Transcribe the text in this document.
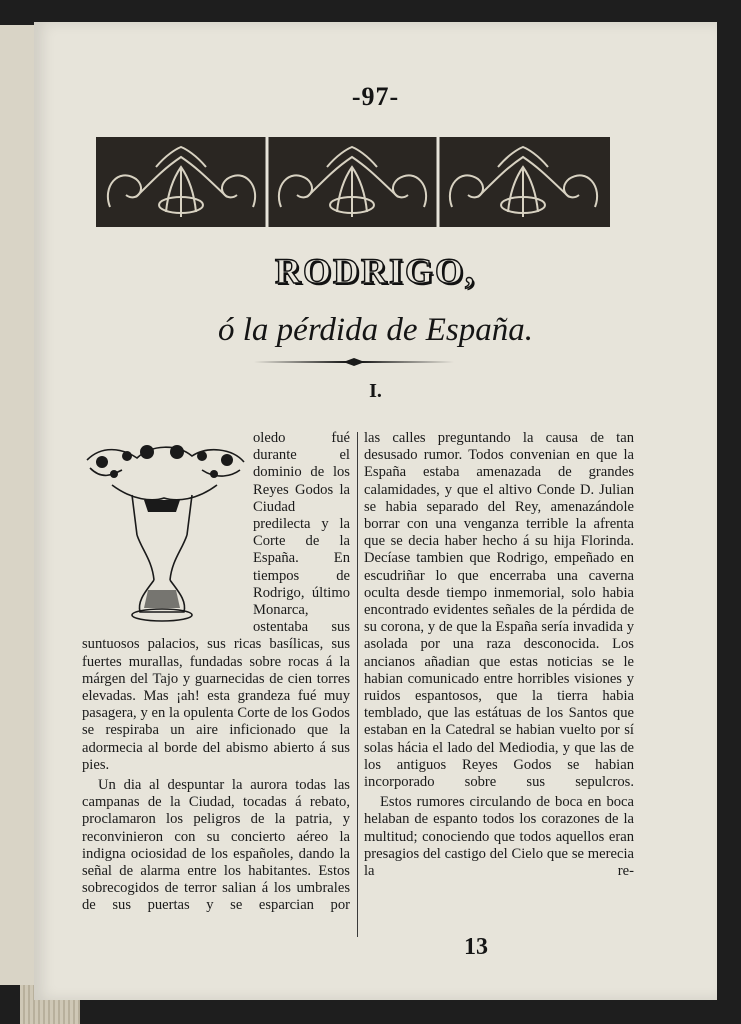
-97-
RODRIGO,
ó la pérdida de España.
I.

oledo fué durante el dominio de los Reyes Godos la Ciudad predilecta y la Corte de la España. En tiempos de Rodrigo, último Monarca, ostentaba sus suntuosos palacios, sus ricas basílicas, sus fuertes murallas, fundadas sobre rocas á la márgen del Tajo y guarnecidas de cien torres elevadas. Mas ¡ah! esta grandeza fué muy pasagera, y en la opulenta Corte de los Godos se respiraba un aire inficionado que la adormecia al borde del abismo abierto á sus pies.

Un dia al despuntar la aurora todas las campanas de la Ciudad, tocadas á rebato, proclamaron los peligros de la patria, y reconvinieron con su concierto aéreo la indigna ociosidad de los españoles, dando la señal de alarma entre los habitantes. Estos sobrecogidos de terror salian á los umbrales de sus puertas y se esparcian por

las calles preguntando la causa de tan desusado rumor. Todos convenian en que la España estaba amenazada de grandes calamidades, y que el altivo Conde D. Julian se habia separado del Rey, amenazándole borrar con una venganza terrible la afrenta que se decia haber hecho á su hija Florinda. Decíase tambien que Rodrigo, empeñado en escudriñar lo que encerraba una caverna oculta desde tiempo inmemorial, solo habia encontrado evidentes señales de la pérdida de su corona, y de que la España sería invadida y asolada por una raza desconocida. Los ancianos añadian que estas noticias se le habian comunicado entre horribles visiones y ruidos espantosos, que la tierra habia temblado, que las estátuas de los Santos que estaban en la Catedral se habian vuelto por sí solas hácia el lado del Mediodia, y que las de los antiguos Reyes Godos se habian incorporado sobre sus sepulcros.

Estos rumores circulando de boca en boca helaban de espanto todos los corazones de la multitud; conociendo que todos aquellos eran presagios del castigo del Cielo que se merecia la re-

13
